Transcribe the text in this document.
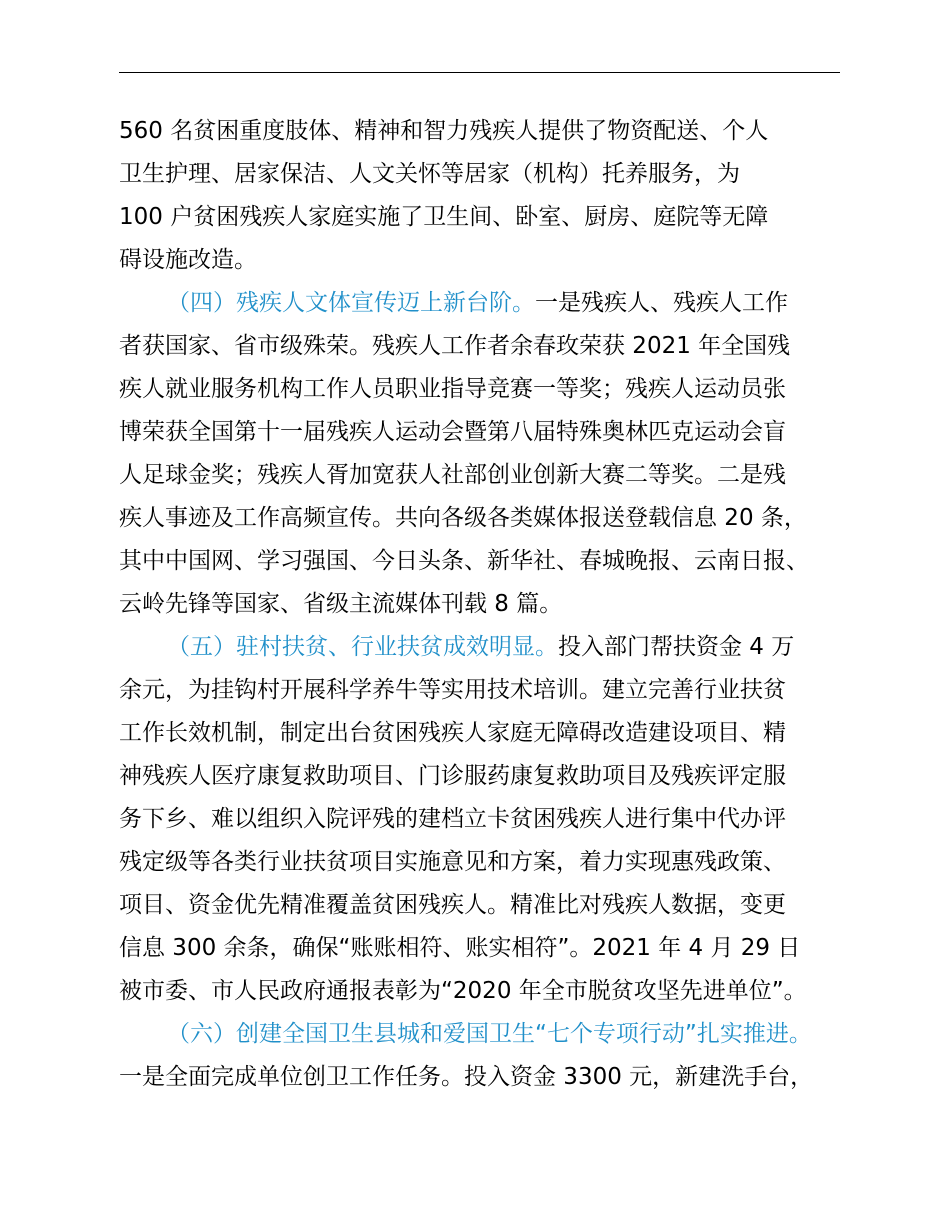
560 名贫困重度肢体、精神和智力残疾人提供了物资配送、个人
卫生护理、居家保洁、人文关怀等居家（机构）托养服务，为
100 户贫困残疾人家庭实施了卫生间、卧室、厨房、庭院等无障
碍设施改造。
（四）残疾人文体宣传迈上新台阶。一是残疾人、残疾人工作
者获国家、省市级殊荣。残疾人工作者余春玫荣获 2021 年全国残
疾人就业服务机构工作人员职业指导竞赛一等奖；残疾人运动员张
博荣获全国第十一届残疾人运动会暨第八届特殊奥林匹克运动会盲
人足球金奖；残疾人胥加宽获人社部创业创新大赛二等奖。二是残
疾人事迹及工作高频宣传。共向各级各类媒体报送登载信息 20 条，
其中中国网、学习强国、今日头条、新华社、春城晚报、云南日报、
云岭先锋等国家、省级主流媒体刊载 8 篇。
（五）驻村扶贫、行业扶贫成效明显。投入部门帮扶资金 4 万
余元，为挂钩村开展科学养牛等实用技术培训。建立完善行业扶贫
工作长效机制，制定出台贫困残疾人家庭无障碍改造建设项目、精
神残疾人医疗康复救助项目、门诊服药康复救助项目及残疾评定服
务下乡、难以组织入院评残的建档立卡贫困残疾人进行集中代办评
残定级等各类行业扶贫项目实施意见和方案，着力实现惠残政策、
项目、资金优先精准覆盖贫困残疾人。精准比对残疾人数据，变更
信息 300 余条，确保“账账相符、账实相符”。2021 年 4 月 29 日
被市委、市人民政府通报表彰为“2020 年全市脱贫攻坚先进单位”。
（六）创建全国卫生县城和爱国卫生“七个专项行动”扎实推进。
一是全面完成单位创卫工作任务。投入资金 3300 元，新建洗手台，
